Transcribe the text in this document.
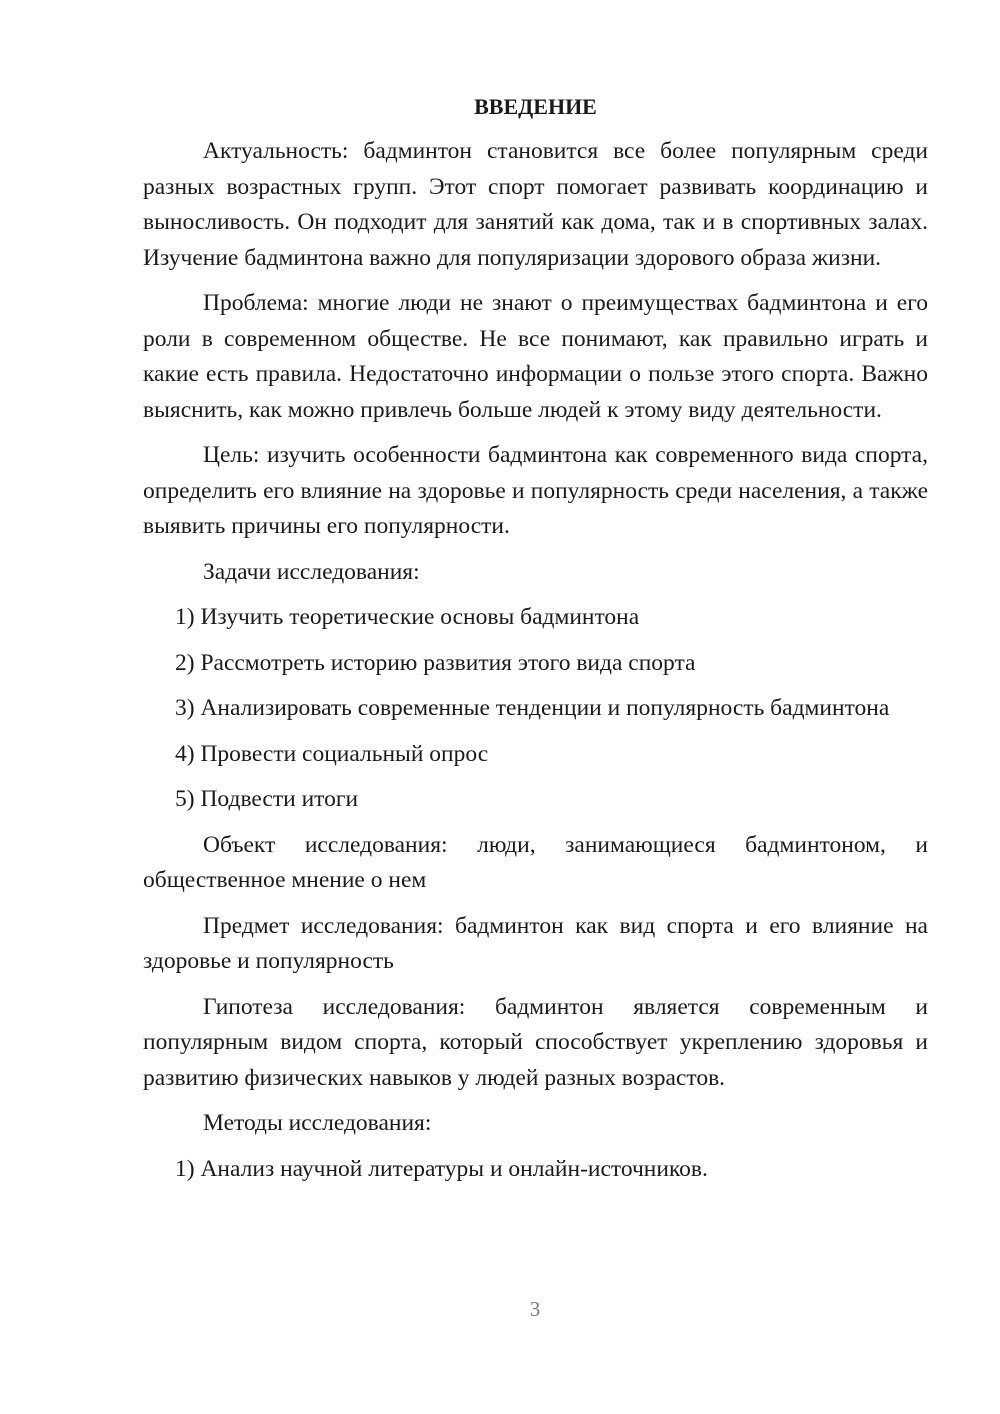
ВВЕДЕНИЕ

Актуальность: бадминтон становится все более популярным среди разных возрастных групп. Этот спорт помогает развивать координацию и выносливость. Он подходит для занятий как дома, так и в спортивных залах. Изучение бадминтона важно для популяризации здорового образа жизни.

Проблема: многие люди не знают о преимуществах бадминтона и его роли в современном обществе. Не все понимают, как правильно играть и какие есть правила. Недостаточно информации о пользе этого спорта. Важно выяснить, как можно привлечь больше людей к этому виду деятельности.

Цель: изучить особенности бадминтона как современного вида спорта, определить его влияние на здоровье и популярность среди населения, а также выявить причины его популярности.

Задачи исследования:

1) Изучить теоретические основы бадминтона

2) Рассмотреть историю развития этого вида спорта

3) Анализировать современные тенденции и популярность бадминтона

4) Провести социальный опрос

5) Подвести итоги

Объект исследования: люди, занимающиеся бадминтоном, и общественное мнение о нем

Предмет исследования: бадминтон как вид спорта и его влияние на здоровье и популярность

Гипотеза исследования: бадминтон является современным и популярным видом спорта, который способствует укреплению здоровья и развитию физических навыков у людей разных возрастов.

Методы исследования:

1) Анализ научной литературы и онлайн-источников.

3
